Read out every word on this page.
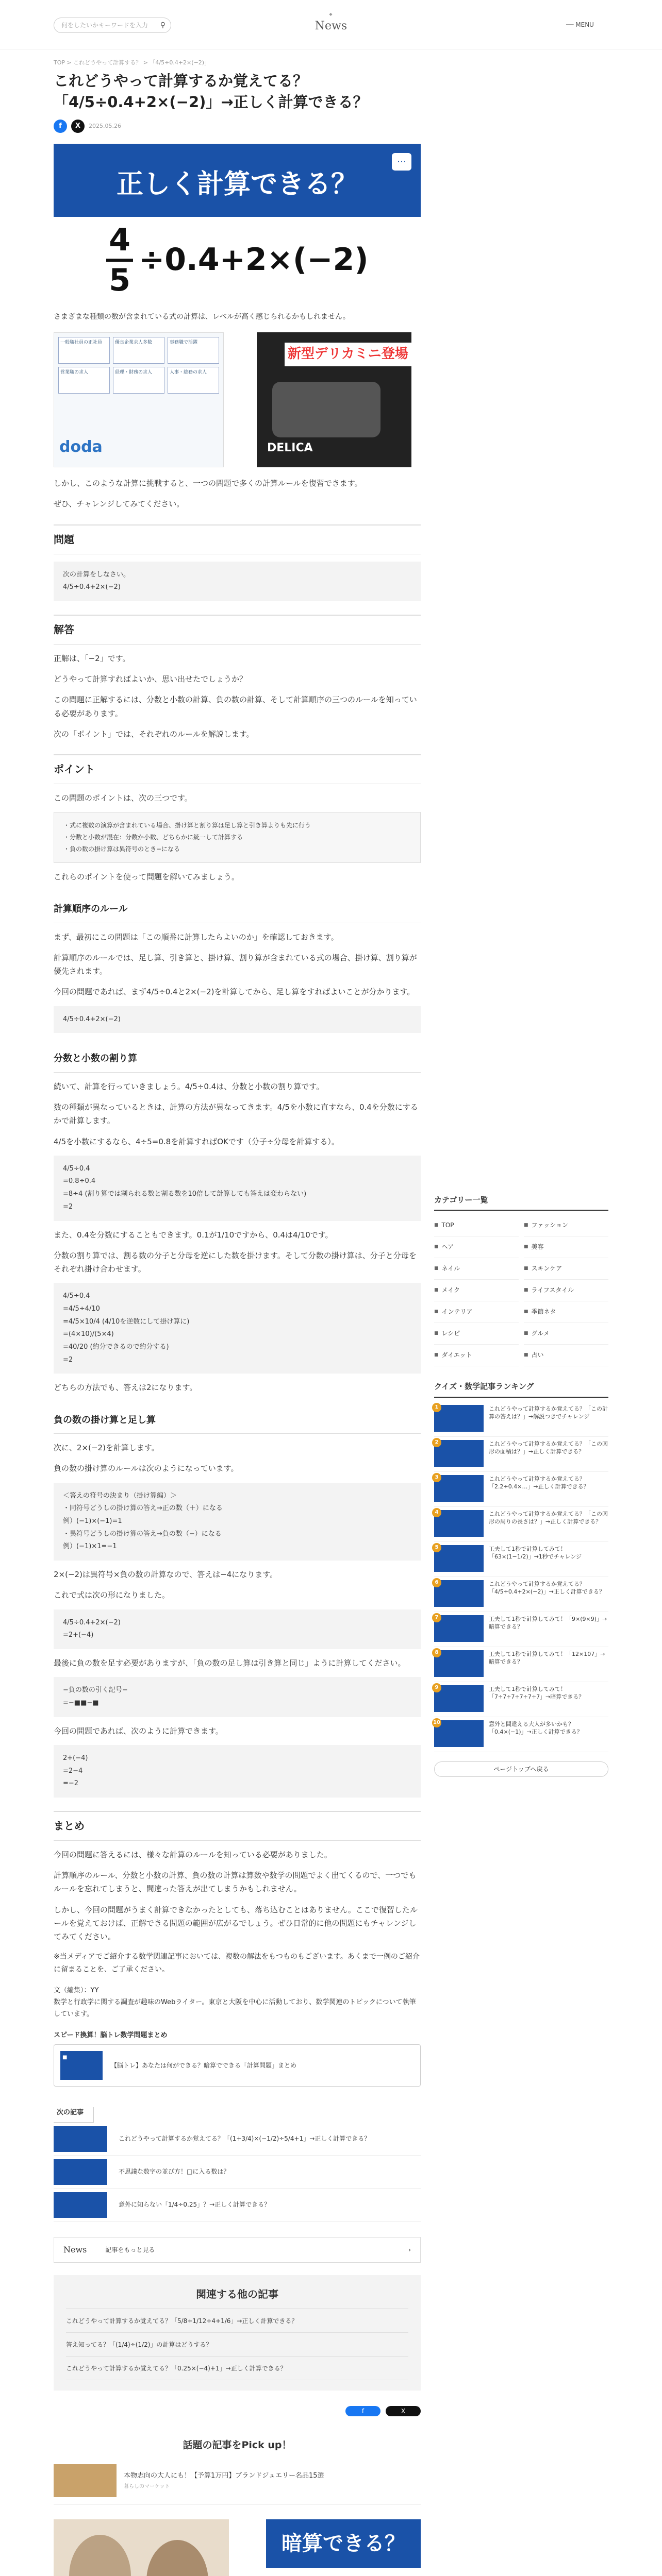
何をしたいかキーワードを入力 ⚲
◆
News	── MENU
TOP > これどうやって計算する？ > 「4/5÷0.4+2×(−2)」
これどうやって計算するか覚えてる？「4/5÷0.4+2×(−2)」→正しく計算できる？
f	X	2025.05.26
正しく計算できる？
⋯
4
5
÷0.4+2×(−2)

さまざまな種類の数が含まれている式の計算は、レベルが高く感じられるかもしれません。

一般職社員の正社員	優良企業求人多数	事務職で活躍
営業職の求人	経理・財務の求人	人事・総務の求人
doda
新型デリカミニ登場
DELICA

しかし、このような計算に挑戦すると、一つの問題で多くの計算ルールを復習できます。

ぜひ、チャレンジしてみてください。

問題
次の計算をしなさい。
4/5÷0.4+2×(−2)
解答

正解は、「−2」です。

どうやって計算すればよいか、思い出せたでしょうか？

この問題に正解するには、分数と小数の計算、負の数の計算、そして計算順序の三つのルールを知っている必要があります。

次の「ポイント」では、それぞれのルールを解説します。

ポイント

この問題のポイントは、次の三つです。

・式に複数の演算が含まれている場合、掛け算と割り算は足し算と引き算よりも先に行う
・分数と小数が混在：分数か小数、どちらかに統一して計算する
・負の数の掛け算は異符号のとき−になる

これらのポイントを使って問題を解いてみましょう。

計算順序のルール

まず、最初にこの問題は「この順番に計算したらよいのか」を確認しておきます。

計算順序のルールでは、足し算、引き算と、掛け算、割り算が含まれている式の場合、掛け算、割り算が優先されます。

今回の問題であれば、まず4/5÷0.4と2×(−2)を計算してから、足し算をすればよいことが分かります。

4/5÷0.4+2×(−2)
分数と小数の割り算

続いて、計算を行っていきましょう。4/5÷0.4は、分数と小数の割り算です。

数の種類が異なっているときは、計算の方法が異なってきます。4/5を小数に直すなら、0.4を分数にするかで計算します。

4/5を小数にするなら、4÷5=0.8を計算すればOKです（分子÷分母を計算する）。

4/5÷0.4
=0.8÷0.4
=8÷4 (割り算では割られる数と割る数を10倍して計算しても答えは変わらない)
=2

また、0.4を分数にすることもできます。0.1が1/10ですから、0.4は4/10です。

分数の割り算では、割る数の分子と分母を逆にした数を掛けます。そして分数の掛け算は、分子と分母をそれぞれ掛け合わせます。

4/5÷0.4
=4/5÷4/10
=4/5×10/4 (4/10を逆数にして掛け算に)
=(4×10)/(5×4)
=40/20 (約分できるので約分する)
=2

どちらの方法でも、答えは2になります。

負の数の掛け算と足し算

次に、2×(−2)を計算します。

負の数の掛け算のルールは次のようになっています。

＜答えの符号の決まり（掛け算編）＞
・同符号どうしの掛け算の答え→正の数（＋）になる
例）(−1)×(−1)=1
・異符号どうしの掛け算の答え→負の数（−）になる
例）(−1)×1=−1

2×(−2)は異符号×負の数の計算なので、答えは−4になります。

これで式は次の形になりました。

4/5÷0.4+2×(−2)
=2+(−4)

最後に負の数を足す必要がありますが、「負の数の足し算は引き算と同じ」ように計算してください。

−負の数の引く記号−
=−■■−■

今回の問題であれば、次のように計算できます。

2+(−4)
=2−4
=−2
まとめ

今回の問題に答えるには、様々な計算のルールを知っている必要がありました。

計算順序のルール、分数と小数の計算、負の数の計算は算数や数学の問題でよく出てくるので、一つでもルールを忘れてしまうと、間違った答えが出てしまうかもしれません。

しかし、今回の問題がうまく計算できなかったとしても、落ち込むことはありません。ここで復習したルールを覚えておけば、正解できる問題の範囲が広がるでしょう。ぜひ日常的に他の問題にもチャレンジしてみてください。

※当メディアでご紹介する数学関連記事においては、複数の解法をもつものもございます。あくまで一例のご紹介に留まることを、ご了承ください。

文（編集）：YY
数学と行政学に関する調査が趣味のWebライター。東京と大阪を中心に活動しており、数学関連のトピックについて執筆しています。
スピード換算！脳トレ数学問題まとめ
■
【脳トレ】あなたは何ができる？暗算でできる「計算問題」まとめ
次の記事
これどうやって計算するか覚えてる？「(1+3/4)×(−1/2)÷5/4+1」→正しく計算できる？
不思議な数字の並び方！□に入る数は？
意外に知らない「1/4÷0.25」？→正しく計算できる？
News	記事をもっと見る	›
関連する他の記事
これどうやって計算するか覚えてる？「5/8+1/12÷4+1/6」→正しく計算できる？
答え知ってる？「(1/4)÷(1/2)」の計算はどうする？
これどうやって計算するか覚えてる？「0.25×(−4)+1」→正しく計算できる？
f	X
話題の記事をPick up！
本物志向の大人にも！【予算1万円】ブランドジュエリー名品15選
暮らしのマーケット
暗算できる？
カテゴリー一覧
■ TOP	■ ファッション
■ ヘア	■ 美容
■ ネイル	■ スキンケア
■ メイク	■ ライフスタイル
■ インテリア	■ 季節ネタ
■ レシピ	■ グルメ
■ ダイエット	■ 占い
クイズ・数学記事ランキング
1	これどうやって計算するか覚えてる？「この計算の答えは？」→解説つきでチャレンジ
2	これどうやって計算するか覚えてる？「この図形の面積は？」→正しく計算できる？
3	これどうやって計算するか覚えてる？「2.2÷0.4×…」→正しく計算できる？
4	これどうやって計算するか覚えてる？「この図形の周りの長さは？」→正しく計算できる？
5	工夫して1秒で計算してみて！「63×(1−1/2)」→1秒でチャレンジ
6	これどうやって計算するか覚えてる？「4/5÷0.4+2×(−2)」→正しく計算できる？
7	工夫して1秒で計算してみて！「9×(9×9)」→暗算できる？
8	工夫して1秒で計算してみて！「12×107」→暗算できる？
9	工夫して1秒で計算してみて！「7÷7÷7÷7÷7÷7」→暗算できる？
10	意外と間違える大人が多いかも？「0.4×(−1)」→正しく計算できる？
ページトップへ戻る
